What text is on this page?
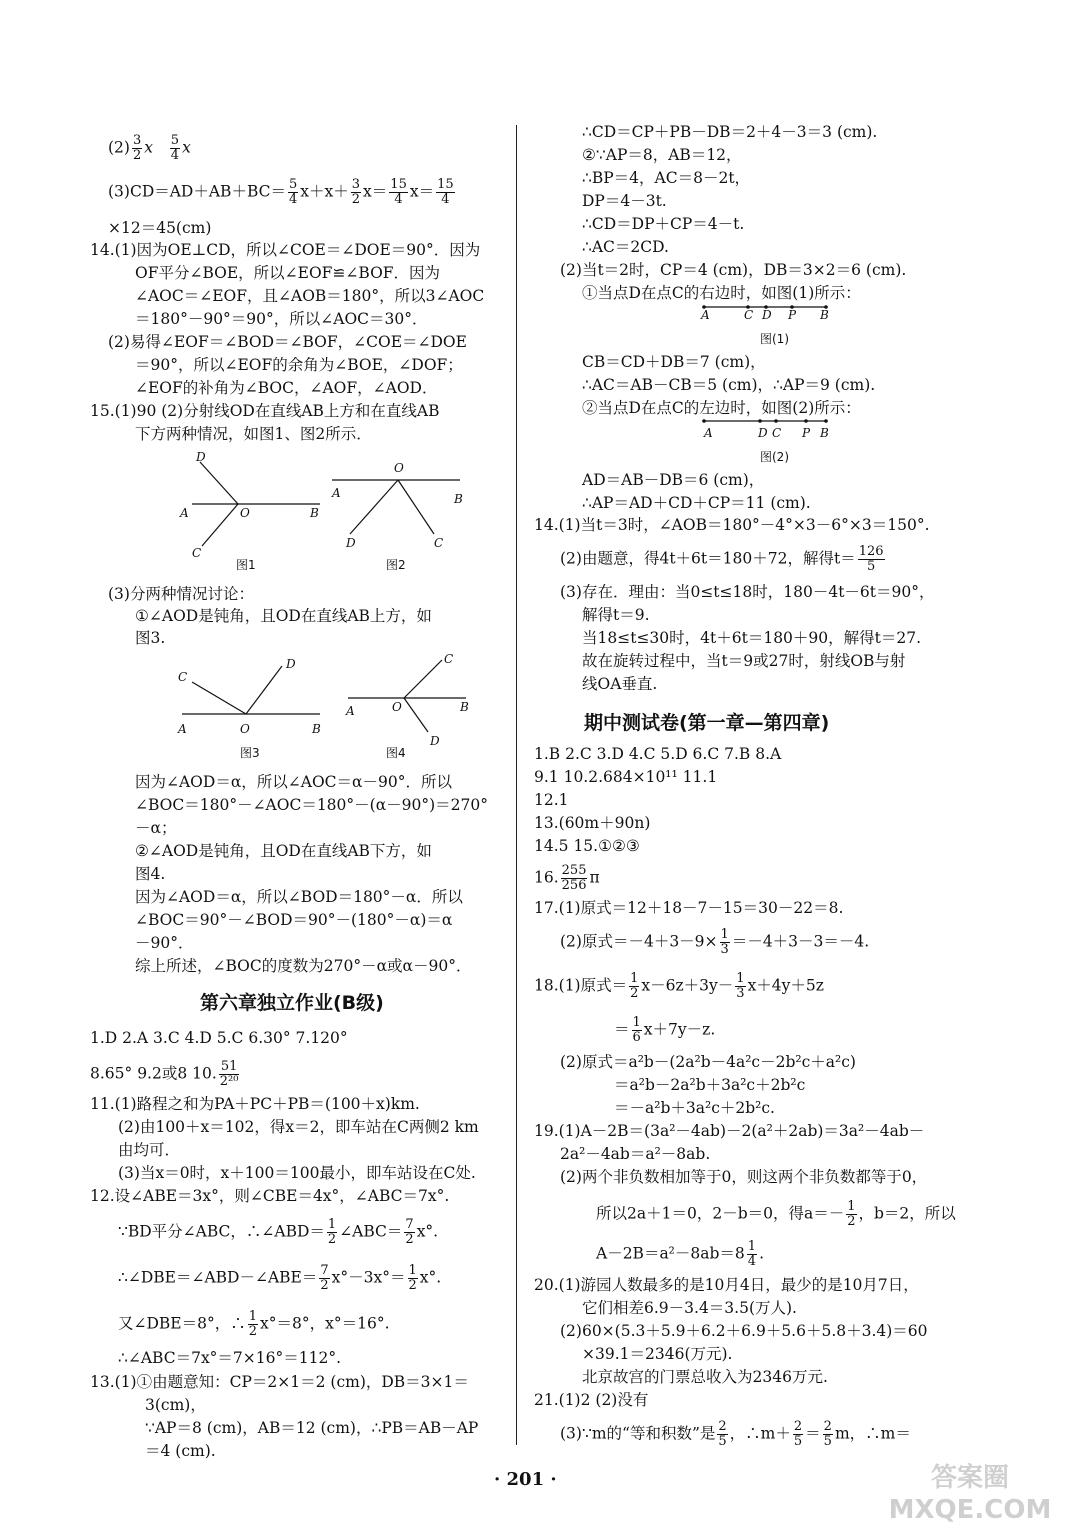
$(2) \frac{3}{2}$ x $\frac{5}{4}$ x
$(3)CD=AD+AB+BC= \frac{5}{4} x+x+ \frac{3}{2} x= \frac{15}{4} x= \frac{15}{4}$
×12＝45(cm)
14.(1)因为OE⊥CD，所以∠COE＝∠DOE＝90°．因为
OF平分∠BOE，所以∠EOF≌∠BOF．因为
∠AOC＝∠EOF，且∠AOB＝180°，所以3∠AOC
＝180°－90°＝90°，所以∠AOC＝30°．
(2)易得∠EOF＝∠BOD＝∠BOF，∠COE＝∠DOE
＝90°，所以∠EOF的余角为∠BOE，∠DOF；
∠EOF的补角为∠BOC，∠AOF，∠AOD．
15.(1)90 (2)分射线OD在直线AB上方和在直线AB
下方两种情况，如图1、图2所示．
D
A	O	B
C
图1
O
A	B
D	C
图2
(3)分两种情况讨论：
①∠AOD是钝角，且OD在直线AB上方，如
图3.
C
D
A	O	B
图3
C
A	O	B
D
图4
因为∠AOD＝α，所以∠AOC＝α－90°．所以
∠BOC＝180°－∠AOC＝180°－(α－90°)＝270°
－α；
②∠AOD是钝角，且OD在直线AB下方，如
图4.
因为∠AOD＝α，所以∠BOD＝180°－α．所以
∠BOC＝90°－∠BOD＝90°－(180°－α)＝α
－90°．
综上所述，∠BOC的度数为270°－α或α－90°．
第六章独立作业(B级)
1.D 2.A 3.C 4.D 5.C 6.30° 7.120°
8.65° 9.2或8 10. $\frac{51}{\text{2²⁰}}$
11.(1)路程之和为PA＋PC＋PB＝(100＋x)km.
(2)由100＋x＝102，得x＝2，即车站在C两侧2 km
由均可．
(3)当x＝0时，x＋100＝100最小，即车站设在C处.
12.设∠ABE＝3x°，则∠CBE＝4x°，∠ABC＝7x°.
∵BD平分∠ABC，∴∠ABD＝ $\frac{1}{2}$ ∠ABC＝ $\frac{7}{2} x^\circ$.
∴∠DBE＝∠ABD－∠ABE＝ $\frac{7}{2} x^\circ-3x^\circ= \frac{1}{2} x^\circ$.
又∠DBE＝8°，∴ $\frac{1}{2} x^\circ=8^\circ$，x°＝16°.
∴∠ABC＝7x°＝7×16°＝112°.
13.(1)①由题意知：CP＝2×1＝2 (cm)，DB＝3×1＝
3(cm)，
∵AP＝8 (cm)，AB＝12 (cm)，∴PB＝AB－AP
＝4 (cm).
∴CD＝CP＋PB－DB＝2＋4－3＝3 (cm).
②∵AP＝8，AB＝12，
∴BP＝4，AC＝8－2t，
DP＝4－3t.
∴CD＝DP＋CP＝4－t.
∴AC＝2CD.
(2)当t＝2时，CP＝4 (cm)，DB＝3×2＝6 (cm).
①当点D在点C的右边时，如图(1)所示：
A	C D P B
图(1)
CB＝CD＋DB＝7 (cm)，
∴AC＝AB－CB＝5 (cm)，∴AP＝9 (cm).
②当点D在点C的左边时，如图(2)所示：
A	D C P B
图(2)
AD＝AB－DB＝6 (cm)，
∴AP＝AD＋CD＋CP＝11 (cm).
14.(1)当t＝3时，∠AOB＝180°－4°×3－6°×3＝150°.
(2)由题意，得4t＋6t＝180＋72，解得$t= \frac{126}{5}$
(3)存在．理由：当0≤t≤18时，180－4t－6t＝90°，
解得t＝9.
当18≤t≤30时，4t＋6t＝180＋90，解得t＝27.
故在旋转过程中，当t＝9或27时，射线OB与射
线OA垂直.
期中测试卷(第一章—第四章)
1.B 2.C 3.D 4.C 5.D 6.C 7.B 8.A
9.1 10.2.684×10¹¹ 11.1
12.1
13.(60m＋90n)
14.5 15.①②③
16. $\frac{255}{256}$ π
17.(1)原式＝12＋18－7－15＝30－22＝8.
(2)原式$=-4+3-9\times \frac{1}{3} =-4+3-3=-4$.
18.(1)原式＝ $\frac{1}{2} x-6z+3y- \frac{1}{3} x+4y+5z$
＝ $\frac{1}{6} x+7y-z$.
(2)原式＝a²b－(2a²b－4a²c－2b²c＋a²c)
＝a²b－2a²b＋3a²c＋2b²c
＝－a²b＋3a²c＋2b²c.
19.(1)A－2B＝(3a²－4ab)－2(a²＋2ab)＝3a²－4ab－
2a²－4ab＝a²－8ab.
(2)两个非负数相加等于0，则这两个非负数都等于0，
所以2a＋1＝0，2－b＝0，得$a=- \frac{1}{2}$ ，b＝2，所以
$A-2B=a^2-8ab=8 \frac{1}{4}$ .
20.(1)游园人数最多的是10月4日，最少的是10月7日，
它们相差6.9－3.4＝3.5(万人).
(2)60×(5.3＋5.9＋6.2＋6.9＋5.6＋5.8＋3.4)＝60
×39.1＝2346(万元).
北京故宫的门票总收入为2346万元.
21.(1)2 (2)没有
(3)∵m的“等和积数”是 $\frac{2}{5}$ ，∴m＋ $\frac{2}{5} = \frac{2}{5}$ m，∴m＝
· 201 ·	答案圈 MXQE.COM
